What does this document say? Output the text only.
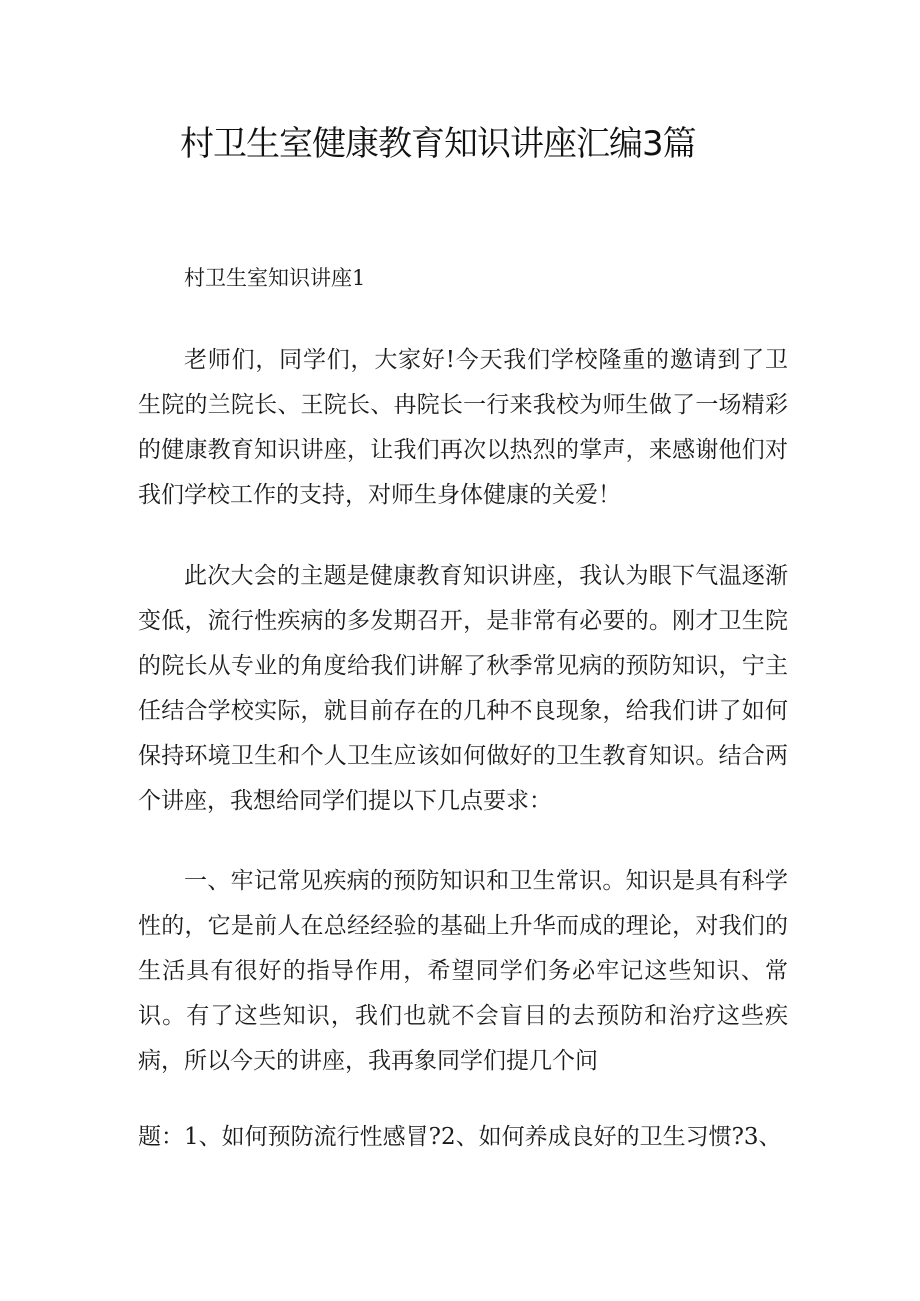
村卫生室健康教育知识讲座汇编3篇

村卫生室知识讲座1

老师们，同学们，大家好!今天我们学校隆重的邀请到了卫生院的兰院长、王院长、冉院长一行来我校为师生做了一场精彩的健康教育知识讲座，让我们再次以热烈的掌声，来感谢他们对我们学校工作的支持，对师生身体健康的关爱！

此次大会的主题是健康教育知识讲座，我认为眼下气温逐渐变低，流行性疾病的多发期召开，是非常有必要的。刚才卫生院的院长从专业的角度给我们讲解了秋季常见病的预防知识，宁主任结合学校实际，就目前存在的几种不良现象，给我们讲了如何保持环境卫生和个人卫生应该如何做好的卫生教育知识。结合两个讲座，我想给同学们提以下几点要求：

一、牢记常见疾病的预防知识和卫生常识。知识是具有科学性的，它是前人在总经经验的基础上升华而成的理论，对我们的生活具有很好的指导作用，希望同学们务必牢记这些知识、常识。有了这些知识，我们也就不会盲目的去预防和治疗这些疾病，所以今天的讲座，我再象同学们提几个问

题：1、如何预防流行性感冒?2、如何养成良好的卫生习惯?3、
